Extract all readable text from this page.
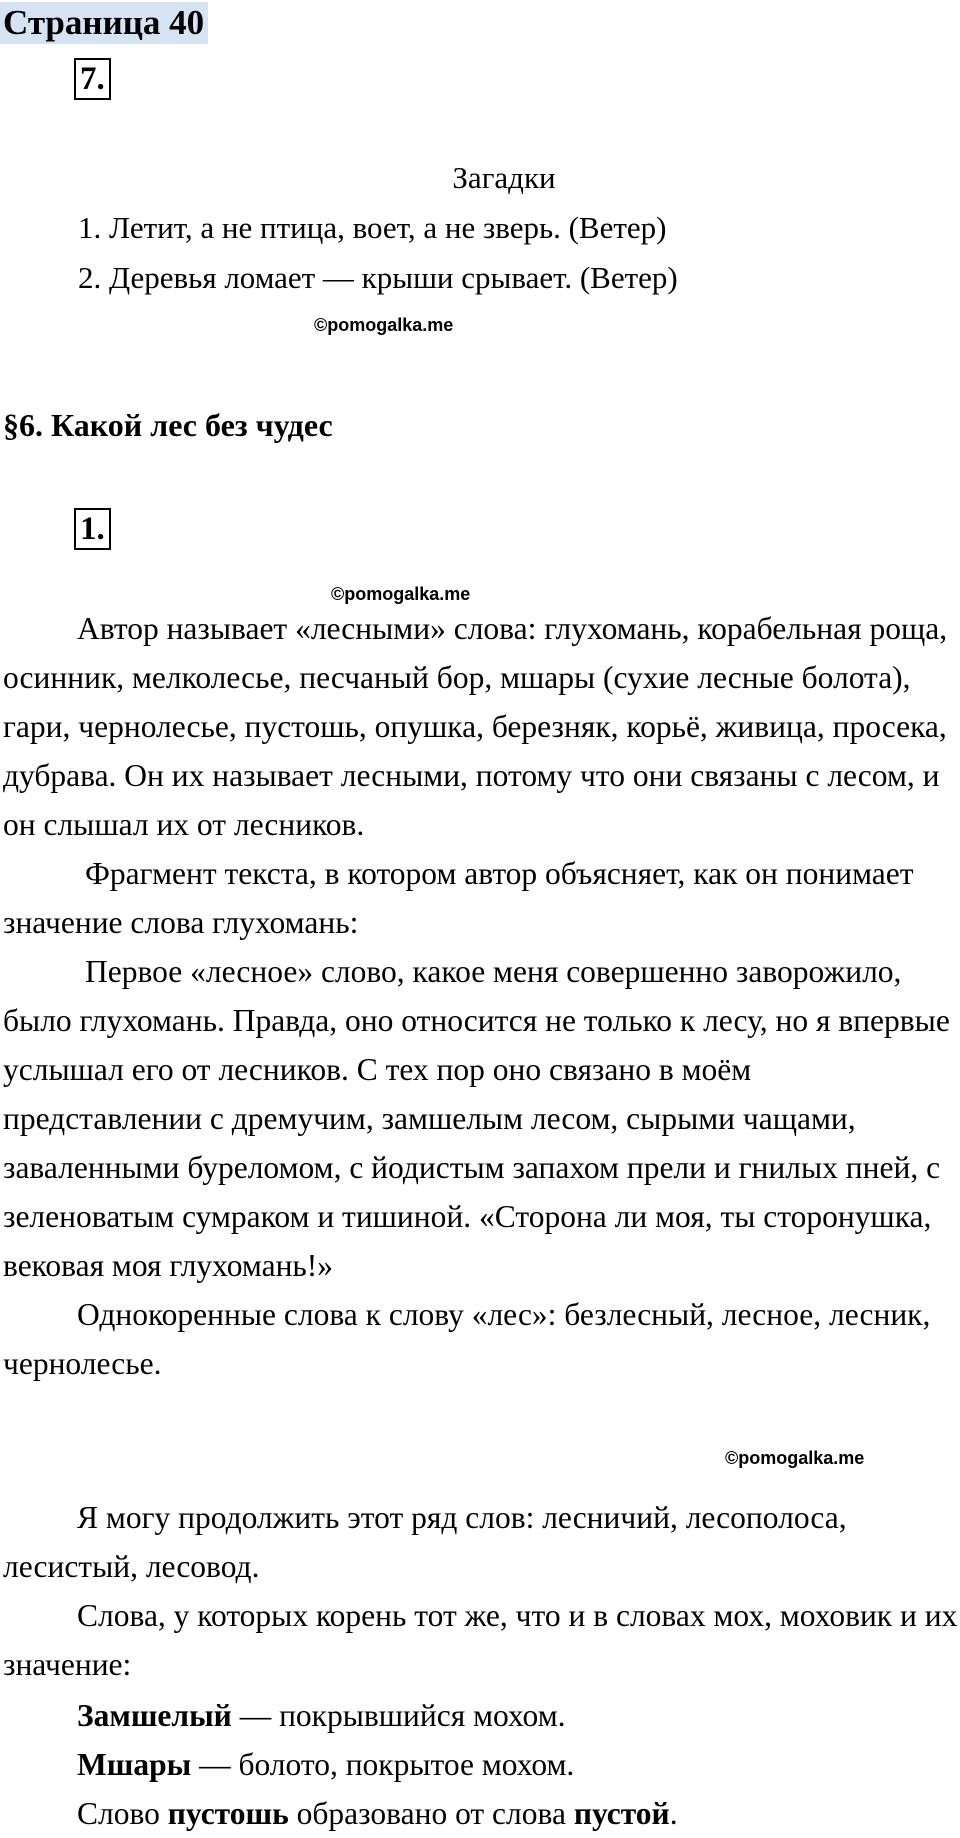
Страница 40
7.
Загадки
1. Летит, а не птица, воет, а не зверь. (Ветер)
2. Деревья ломает — крыши срывает. (Ветер)
©pomogalka.me
§6. Какой лес без чудес
1.
©pomogalka.me

Автор называет «лесными» слова: глухомань, корабельная роща, осинник, мелколесье, песчаный бор, мшары (сухие лесные болота), гари, чернолесье, пустошь, опушка, березняк, корьё, живица, просека, дубрава. Он их называет лесными, потому что они связаны с лесом, и он слышал их от лесников.

Фрагмент текста, в котором автор объясняет, как он понимает значение слова глухомань:

Первое «лесное» слово, какое меня совершенно заворожило, было глухомань. Правда, оно относится не только к лесу, но я впервые услышал его от лесников. С тех пор оно связано в моём представлении с дремучим, замшелым лесом, сырыми чащами, заваленными буреломом, с йодистым запахом прели и гнилых пней, с зеленоватым сумраком и тишиной. «Сторона ли моя, ты сторонушка, вековая моя глухомань!»

Однокоренные слова к слову «лес»: безлесный, лесное, лесник, чернолесье.

©pomogalka.me

Я могу продолжить этот ряд слов: лесничий, лесополоса, лесистый, лесовод.

Слова, у которых корень тот же, что и в словах мох, моховик и их значение:

Замшелый — покрывшийся мохом.
Мшары — болото, покрытое мохом.
Слово пустошь образовано от слова пустой.
